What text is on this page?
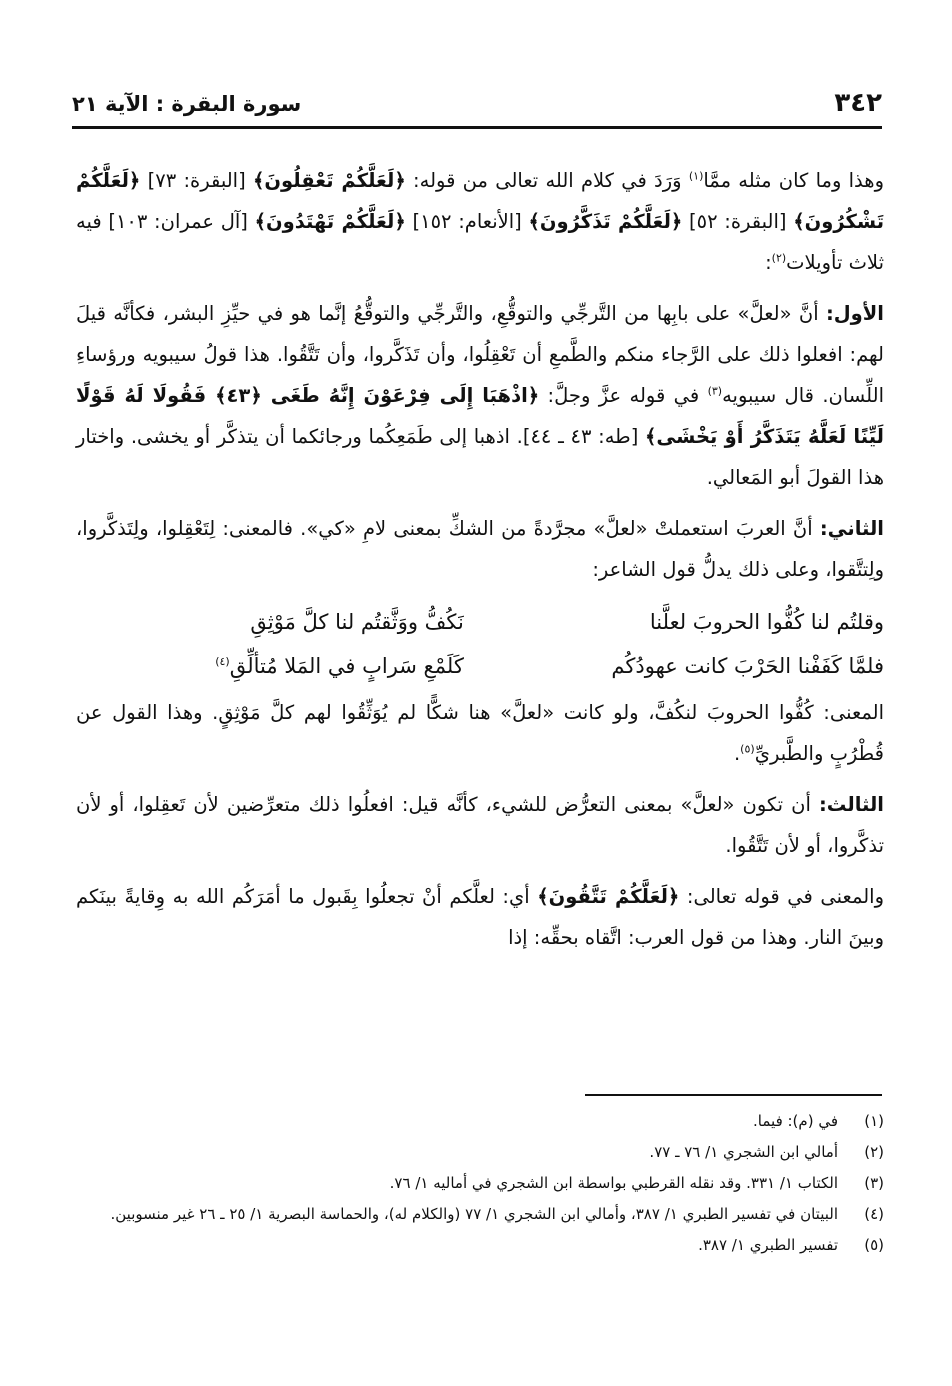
٣٤٢
سورة البقرة : الآية ٢١

وهذا وما كان مثله ممَّا$^{(١)}$ وَرَدَ في كلام الله تعالى من قوله: ﴿لَعَلَّكُمْ تَعْقِلُونَ﴾ [البقرة: ٧٣] ﴿لَعَلَّكُمْ تَشْكُرُونَ﴾ [البقرة: ٥٢] ﴿لَعَلَّكُمْ تَذَكَّرُونَ﴾ [الأنعام: ١٥٢] ﴿لَعَلَّكُمْ تَهْتَدُونَ﴾ [آل عمران: ١٠٣] فيه ثلاث تأويلات$^{(٢)}$:

الأول: أنَّ «لعلَّ» على بابِها من التَّرجِّي والتوقُّعِ، والتَّرجِّي والتوقُّعُ إنَّما هو في حيِّزِ البشر، فكأنَّه قيلَ لهم: افعلوا ذلك على الرَّجاء منكم والطَّمعِ أن تَعْقِلُوا، وأن تَذَكَّروا، وأن تَتَّقُوا. هذا قولُ سيبويه ورؤساءِ اللِّسان. قال سيبويه$^{(٣)}$ في قوله عزَّ وجلَّ: ﴿اذْهَبَا إِلَى فِرْعَوْنَ إِنَّهُ طَغَى ﴿٤٣﴾ فَقُولَا لَهُ قَوْلًا لَيِّنًا لَعَلَّهُ يَتَذَكَّرُ أَوْ يَخْشَى﴾ [طه: ٤٣ ـ ٤٤]. اذهبا إلى طَمَعِكُما ورجائكما أن يتذكَّر أو يخشى. واختار هذا القولَ أبو المَعالي.

الثاني: أنَّ العربَ استعملتْ «لعلَّ» مجرَّدةً من الشكِّ بمعنى لامِ «كي». فالمعنى: لِتَعْقِلوا، ولِتَذكَّروا، ولِتتَّقوا، وعلى ذلك يدلُّ قول الشاعر:

وقلتُم لنا كُفُّوا الحروبَ لعلَّنا
نَكُفُّ ووَثَّقتُم لنا كلَّ مَوْثِقِ
فلمَّا كَفَفْنا الحَرْبَ كانت عهودُكُم
كَلَمْعِ سَرابٍ في المَلا مُتألِّقِ$^{(٤)}$

المعنى: كُفُّوا الحروبَ لنكُفَّ، ولو كانت «لعلَّ» هنا شكًّا لم يُوَثِّقُوا لهم كلَّ مَوْثِقٍ. وهذا القول عن قُطْرُبٍ والطَّبريِّ$^{(٥)}$.

الثالث: أن تكون «لعلَّ» بمعنى التعرُّض للشيء، كأنَّه قيل: افعلُوا ذلك متعرِّضين لأن تَعقِلوا، أو لأن تذكَّروا، أو لأن تَتَّقُوا.

والمعنى في قوله تعالى: ﴿لَعَلَّكُمْ تَتَّقُونَ﴾ أي: لعلَّكم أنْ تجعلُوا بِقَبول ما أمَرَكُم الله به وِقايةً بينَكم وبينَ النار. وهذا من قول العرب: اتَّقاه بحقِّه: إذا

(١)
في (م): فيما.
(٢)
أمالي ابن الشجري ١/ ٧٦ ـ ٧٧.
(٣)
الكتاب ١/ ٣٣١. وقد نقله القرطبي بواسطة ابن الشجري في أماليه ١/ ٧٦.
(٤)
البيتان في تفسير الطبري ١/ ٣٨٧، وأمالي ابن الشجري ١/ ٧٧ (والكلام له)، والحماسة البصرية ١/ ٢٥ ـ ٢٦ غير منسوبين.
(٥)
تفسير الطبري ١/ ٣٨٧.
